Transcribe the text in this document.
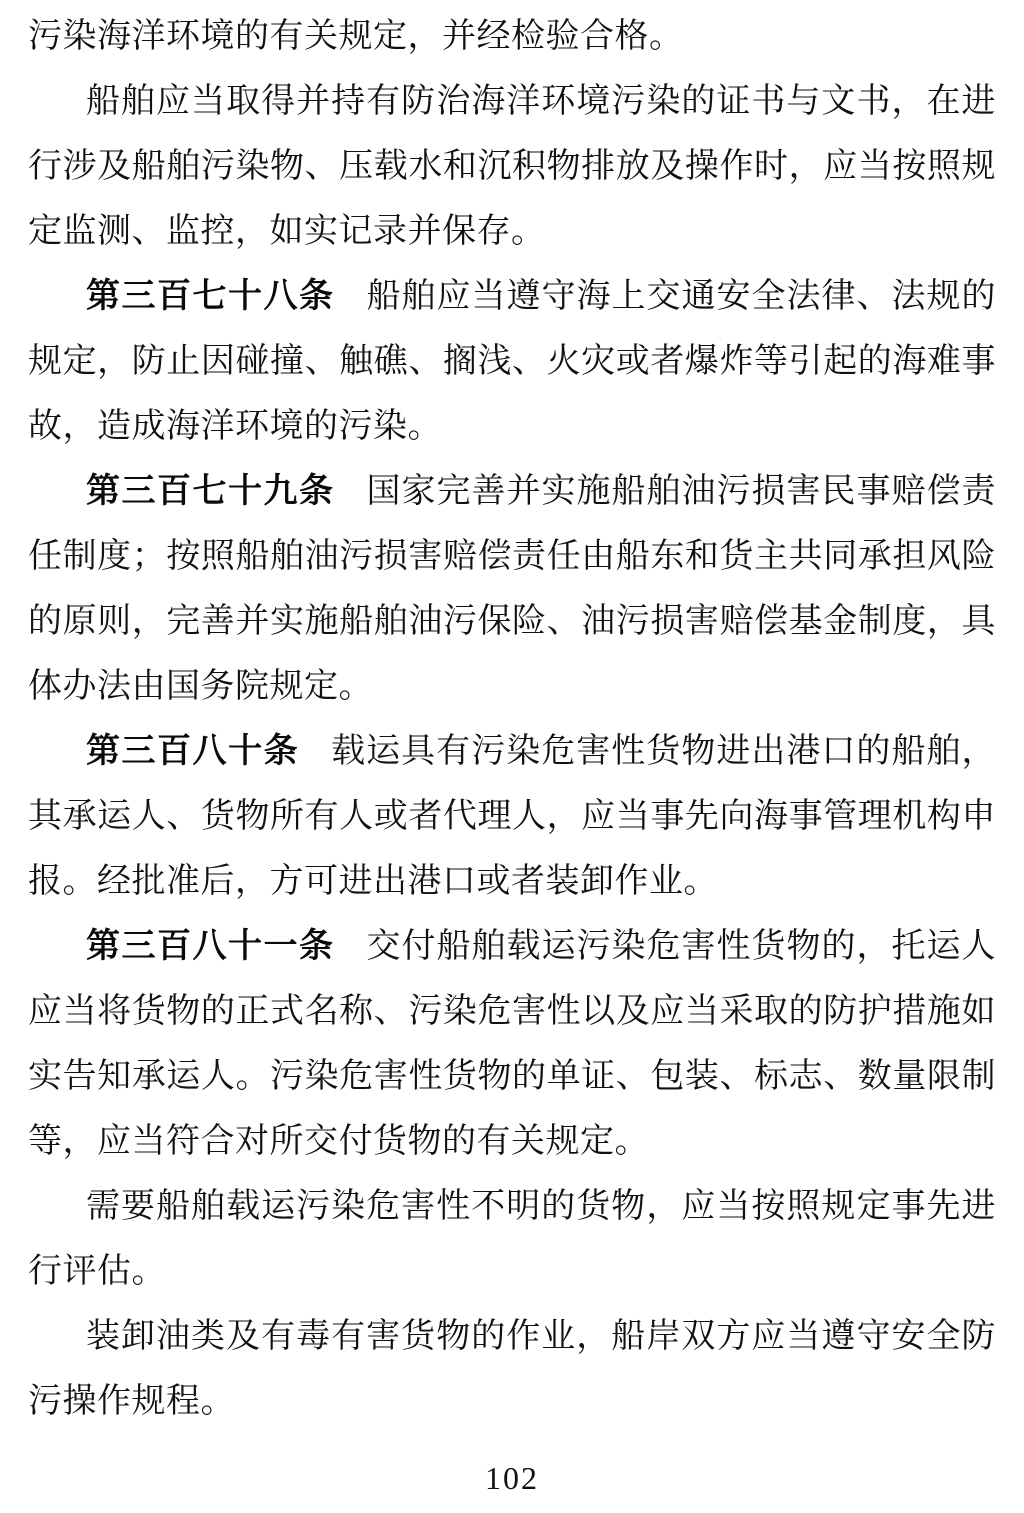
污染海洋环境的有关规定，并经检验合格。

船舶应当取得并持有防治海洋环境污染的证书与文书，在进行涉及船舶污染物、压载水和沉积物排放及操作时，应当按照规定监测、监控，如实记录并保存。

第三百七十八条 船舶应当遵守海上交通安全法律、法规的规定，防止因碰撞、触礁、搁浅、火灾或者爆炸等引起的海难事故，造成海洋环境的污染。

第三百七十九条 国家完善并实施船舶油污损害民事赔偿责任制度；按照船舶油污损害赔偿责任由船东和货主共同承担风险的原则，完善并实施船舶油污保险、油污损害赔偿基金制度，具体办法由国务院规定。

第三百八十条 载运具有污染危害性货物进出港口的船舶，其承运人、货物所有人或者代理人，应当事先向海事管理机构申报。经批准后，方可进出港口或者装卸作业。

第三百八十一条 交付船舶载运污染危害性货物的，托运人应当将货物的正式名称、污染危害性以及应当采取的防护措施如实告知承运人。污染危害性货物的单证、包装、标志、数量限制等，应当符合对所交付货物的有关规定。

需要船舶载运污染危害性不明的货物，应当按照规定事先进行评估。

装卸油类及有毒有害货物的作业，船岸双方应当遵守安全防污操作规程。

102
